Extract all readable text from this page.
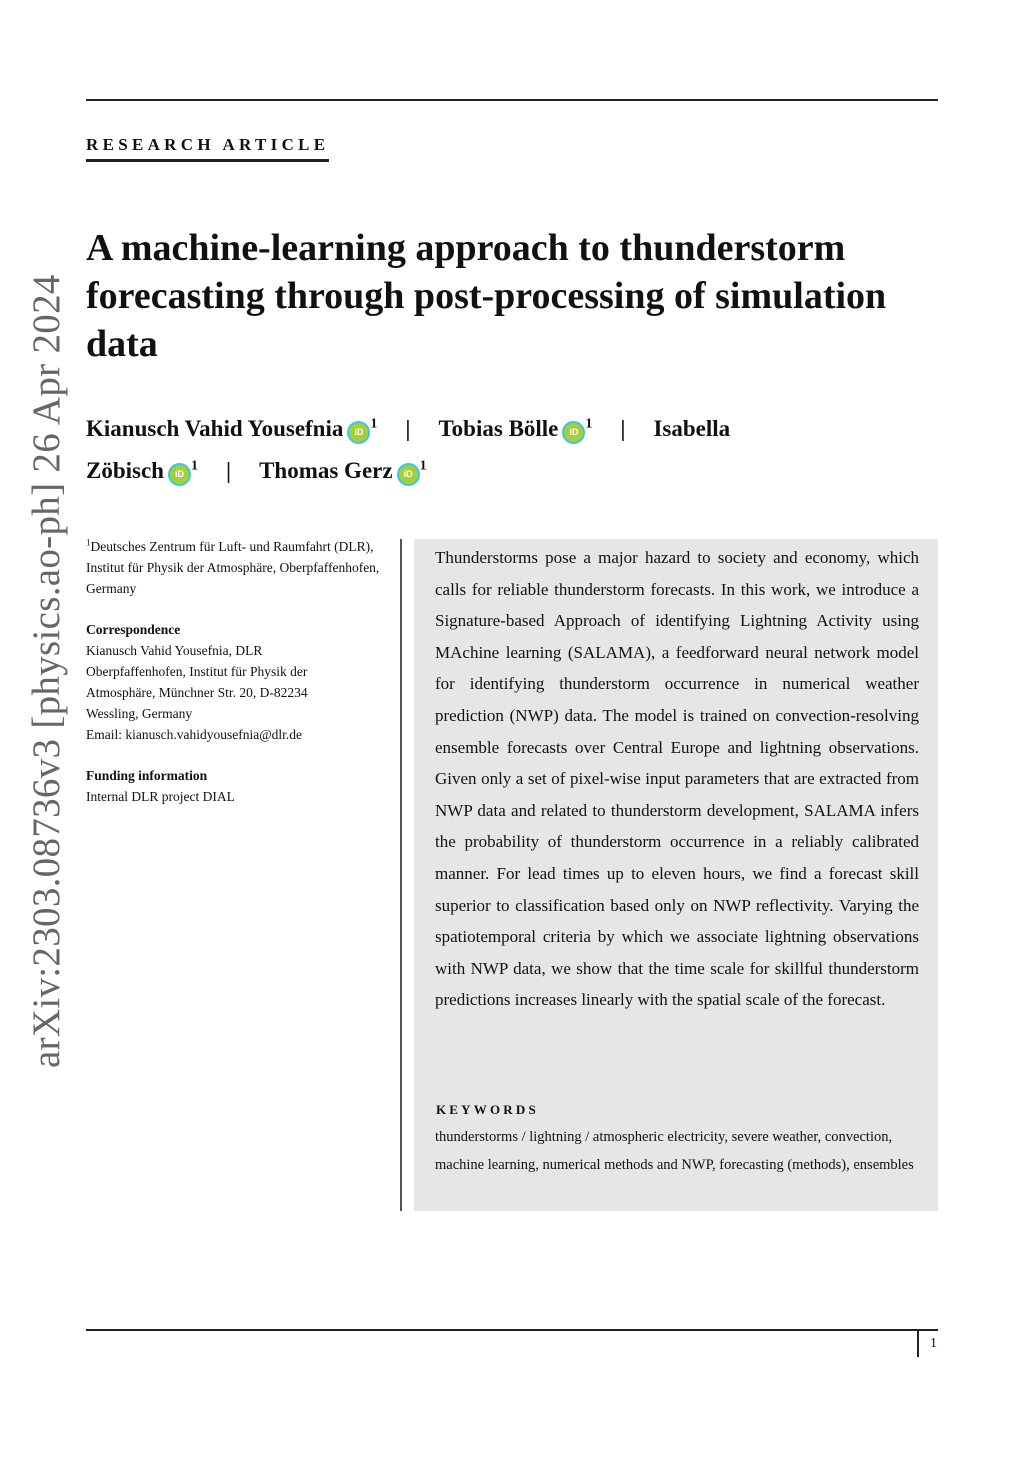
RESEARCH ARTICLE
arXiv:2303.08736v3 [physics.ao-ph] 26 Apr 2024
A machine-learning approach to thunderstorm forecasting through post-processing of simulation data
Kianusch Vahid Yousefnia $iD^1$ | Tobias Bölle $iD^1$ | Isabella Zöbisch $iD^1$ | Thomas Gerz $iD^1$

$^1$Deutsches Zentrum für Luft- und Raumfahrt (DLR), Institut für Physik der Atmosphäre, Oberpfaffenhofen, Germany

Correspondence
Kianusch Vahid Yousefnia, DLR
Oberpfaffenhofen, Institut für Physik der
Atmosphäre, Münchner Str. 20, D-82234
Wessling, Germany
Email: kianusch.vahidyousefnia@dlr.de

Funding information
Internal DLR project DIAL

Thunderstorms pose a major hazard to society and economy, which calls for reliable thunderstorm forecasts. In this work, we introduce a Signature-based Approach of identifying Lightning Activity using MAchine learning (SALAMA), a feedforward neural network model for identifying thunderstorm occurrence in numerical weather prediction (NWP) data. The model is trained on convection-resolving ensemble forecasts over Central Europe and lightning observations. Given only a set of pixel-wise input parameters that are extracted from NWP data and related to thunderstorm development, SALAMA infers the probability of thunderstorm occurrence in a reliably calibrated manner. For lead times up to eleven hours, we find a forecast skill superior to classification based only on NWP reflectivity. Varying the spatiotemporal criteria by which we associate lightning observations with NWP data, we show that the time scale for skillful thunderstorm predictions increases linearly with the spatial scale of the forecast.
KEYWORDS
thunderstorms / lightning / atmospheric electricity, severe weather, convection, machine learning, numerical methods and NWP, forecasting (methods), ensembles
1
